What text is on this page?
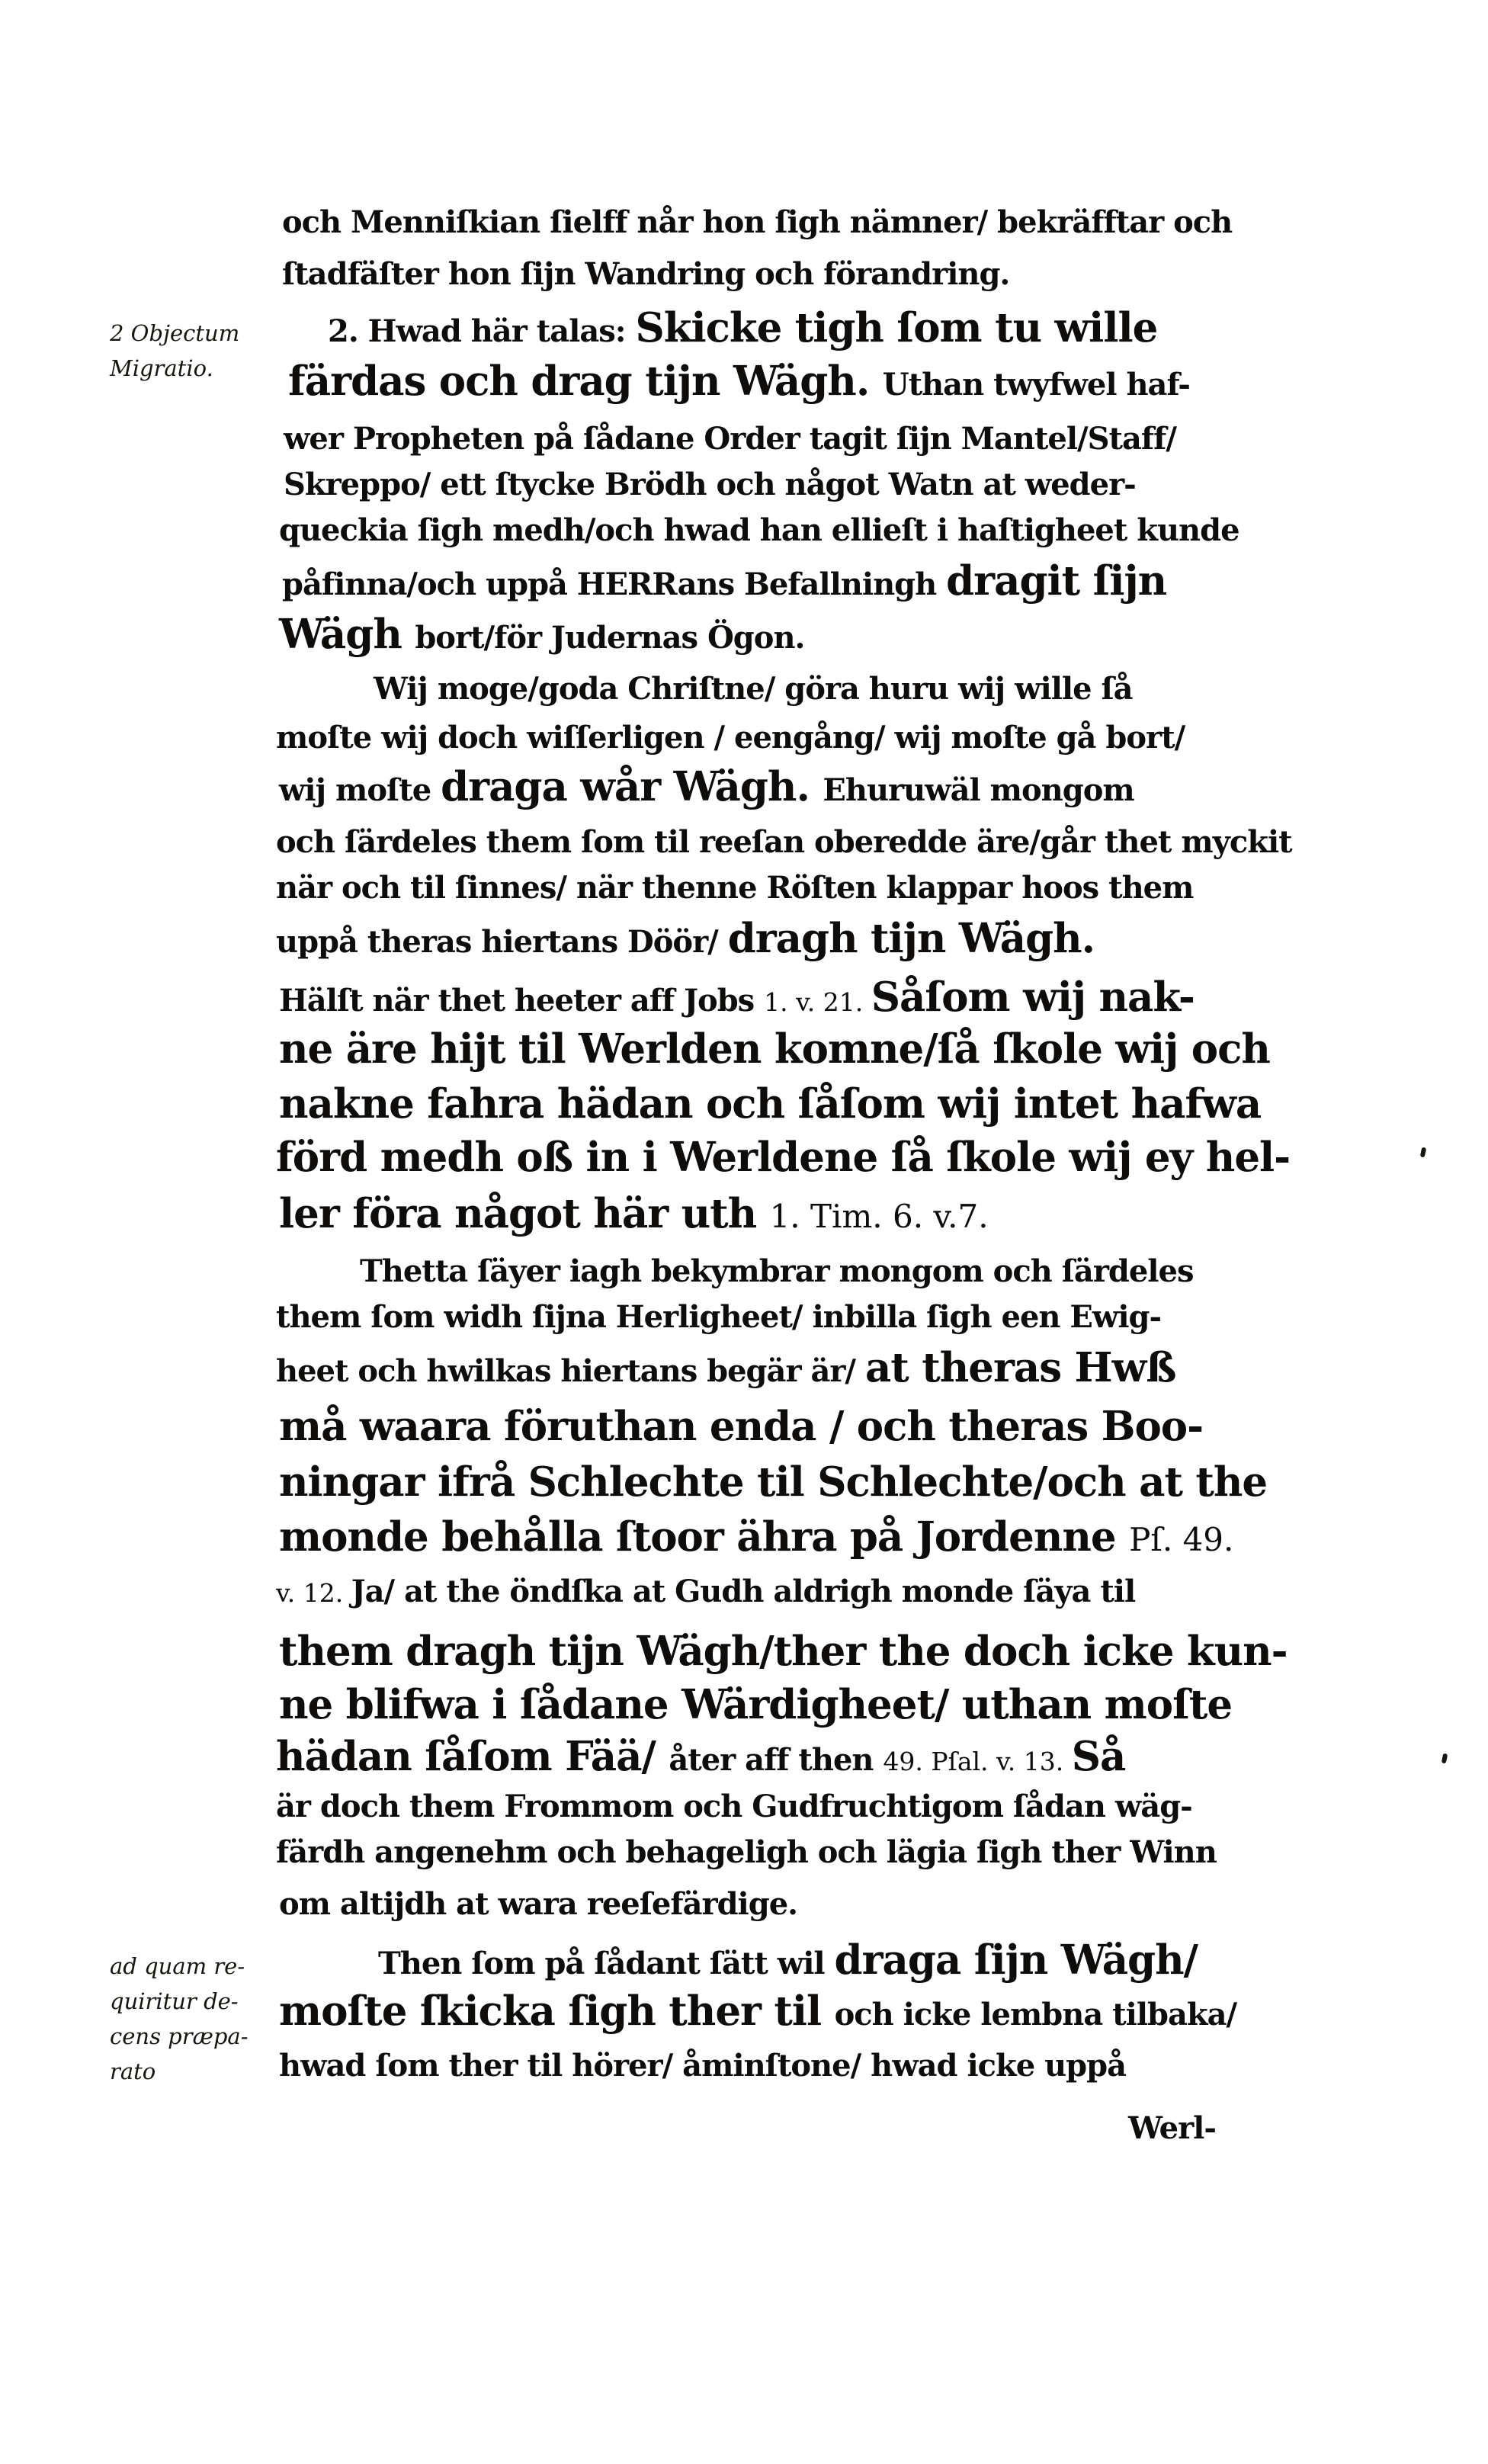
Werl-
och Menniſkian ſielff når hon ſigh nämner/ bekräfftar och
ſtadfäſter hon ſijn Wandring och förandring.
2. Hwad här talas: Skicke tigh ſom tu wille
färdas och drag tijn Wägh. Uthan twyfwel haf-
wer Propheten på ſådane Order tagit ſijn Mantel/Staff/
Skreppo/ ett ſtycke Brödh och något Watn at weder-
queckia ſigh medh/och hwad han ellieſt i haſtigheet kunde
påfinna/och uppå HERRans Befallningh dragit ſijn
Wägh bort/för Judernas Ögon.
Wij moge/goda Chriſtne/ göra huru wij wille ſå
moſte wij doch wiſſerligen / eengång/ wij moſte gå bort/
wij moſte draga wår Wägh. Ehuruwäl mongom
och ſärdeles them ſom til reeſan oberedde äre/går thet myckit
när och til ſinnes/ när thenne Röſten klappar hoos them
uppå theras hiertans Döör/ dragh tijn Wägh.
Hälſt när thet heeter aff Jobs 1. v. 21. Såſom wij nak-
ne äre hijt til Werlden komne/ſå ſkole wij och
nakne fahra hädan och ſåſom wij intet hafwa
förd medh oß in i Werldene ſå ſkole wij ey hel-
ler föra något här uth 1. Tim. 6. v.7.
Thetta ſäyer iagh bekymbrar mongom och ſärdeles
them ſom widh ſijna Herligheet/ inbilla ſigh een Ewig-
heet och hwilkas hiertans begär är/ at theras Hwß
må waara föruthan enda / och theras Boo-
ningar ifrå Schlechte til Schlechte/och at the
monde behålla ſtoor ähra på Jordenne Pſ. 49.
v. 12. Ja/ at the öndſka at Gudh aldrigh monde ſäya til
them dragh tijn Wägh/ther the doch icke kun-
ne blifwa i ſådane Wärdigheet/ uthan moſte
hädan ſåſom Fää/ åter aff then 49. Pſal. v. 13. Så
är doch them Frommom och Gudfruchtigom ſådan wäg-
färdh angenehm och behageligh och lägia ſigh ther Winn
om altijdh at wara reeſefärdige.
Then ſom på ſådant ſätt wil draga ſijn Wägh/
moſte ſkicka ſigh ther til och icke lembna tilbaka/
hwad ſom ther til hörer/ åminſtone/ hwad icke uppå
2 Objectum
Migratio.
ad quam re-
quiritur de-
cens præpa-
rato
